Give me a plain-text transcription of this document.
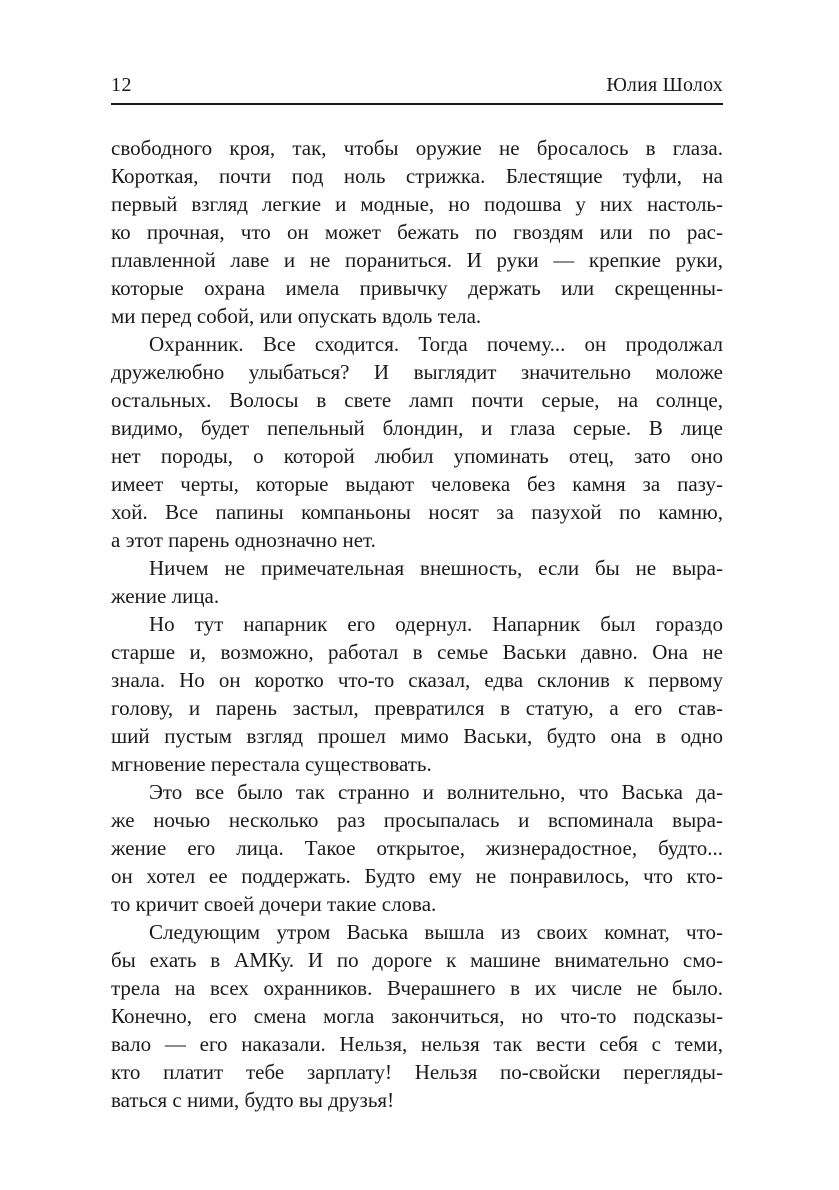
12	Юлия Шолох
свободного кроя, так, чтобы оружие не бросалось в глаза.
Короткая, почти под ноль стрижка. Блестящие туфли, на
первый взгляд легкие и модные, но подошва у них настоль-
ко прочная, что он может бежать по гвоздям или по рас-
плавленной лаве и не пораниться. И руки — крепкие руки,
которые охрана имела привычку держать или скрещенны-
ми перед собой, или опускать вдоль тела.
Охранник. Все сходится. Тогда почему... он продолжал
дружелюбно улыбаться? И выглядит значительно моложе
остальных. Волосы в свете ламп почти серые, на солнце,
видимо, будет пепельный блондин, и глаза серые. В лице
нет породы, о которой любил упоминать отец, зато оно
имеет черты, которые выдают человека без камня за пазу-
хой. Все папины компаньоны носят за пазухой по камню,
а этот парень однозначно нет.
Ничем не примечательная внешность, если бы не выра-
жение лица.
Но тут напарник его одернул. Напарник был гораздо
старше и, возможно, работал в семье Васьки давно. Она не
знала. Но он коротко что-то сказал, едва склонив к первому
голову, и парень застыл, превратился в статую, а его став-
ший пустым взгляд прошел мимо Васьки, будто она в одно
мгновение перестала существовать.
Это все было так странно и волнительно, что Васька да-
же ночью несколько раз просыпалась и вспоминала выра-
жение его лица. Такое открытое, жизнерадостное, будто...
он хотел ее поддержать. Будто ему не понравилось, что кто-
то кричит своей дочери такие слова.
Следующим утром Васька вышла из своих комнат, что-
бы ехать в АМКу. И по дороге к машине внимательно смо-
трела на всех охранников. Вчерашнего в их числе не было.
Конечно, его смена могла закончиться, но что-то подсказы-
вало — его наказали. Нельзя, нельзя так вести себя с теми,
кто платит тебе зарплату! Нельзя по-свойски перегляды-
ваться с ними, будто вы друзья!
